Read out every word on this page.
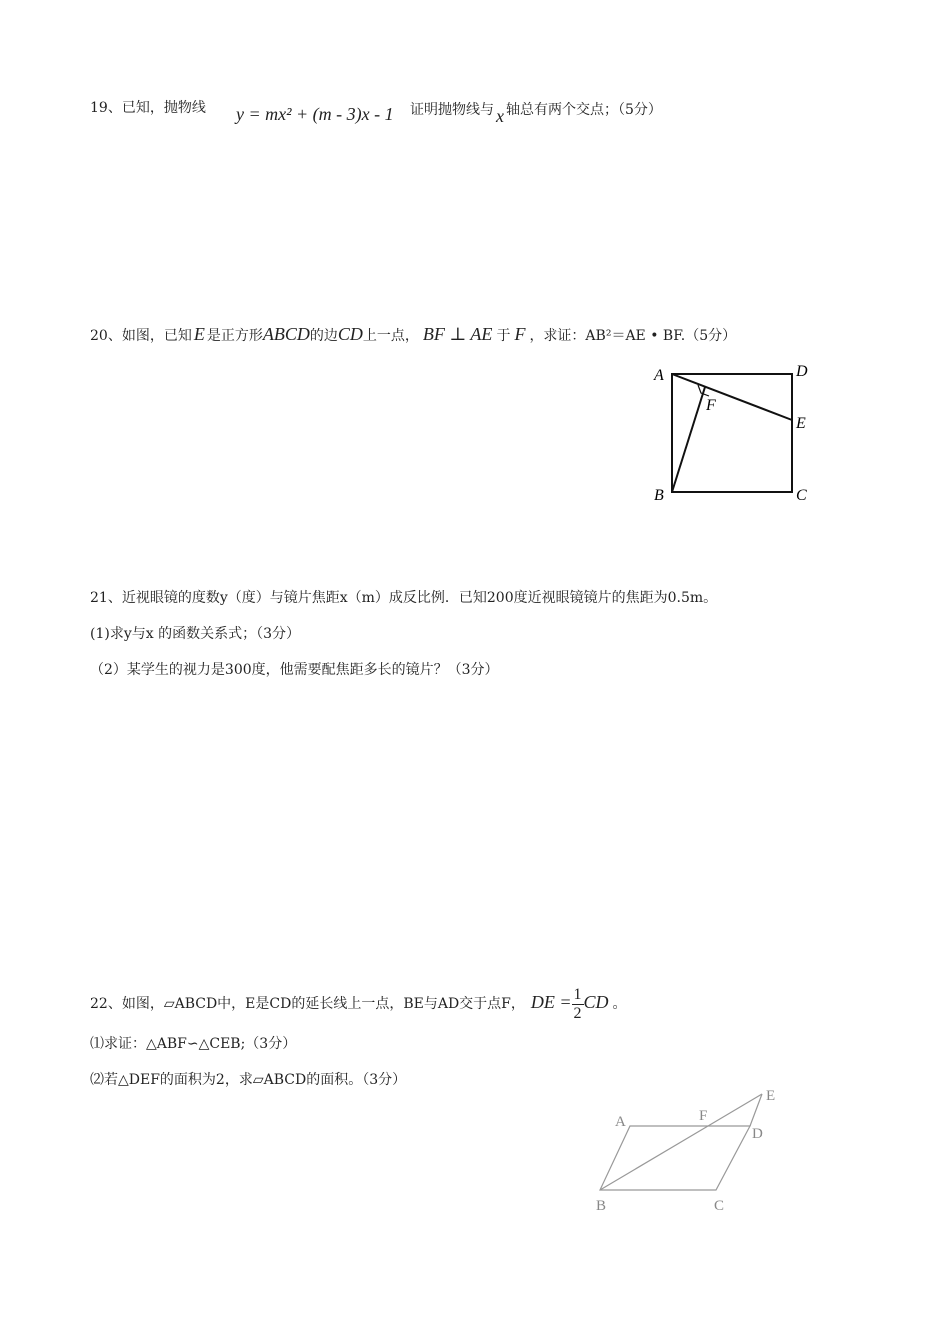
19、已知，抛物线 y = mx² + (m - 3)x - 1 证明抛物线与 x 轴总有两个交点；（5分）
20、如图，已知 E 是正方形ABCD的边CD上一点， BF ⊥ AE 于 F ，求证：AB²＝AE • BF.（5分）
A	D
F
E
B	C
21、近视眼镜的度数y（度）与镜片焦距x（m）成反比例．已知200度近视眼镜镜片的焦距为0.5m。
(1)求y与x 的函数关系式；（3分）
（2）某学生的视力是300度，他需要配焦距多长的镜片？（3分）
22、如图，▱ABCD中，E是CD的延长线上一点，BE与AD交于点F， DE = $\frac{1}{2}$ CD 。
⑴求证：△ABF∽△CEB;（3分）
⑵若△DEF的面积为2，求▱ABCD的面积。（3分）
A	F
E
D
B	C
